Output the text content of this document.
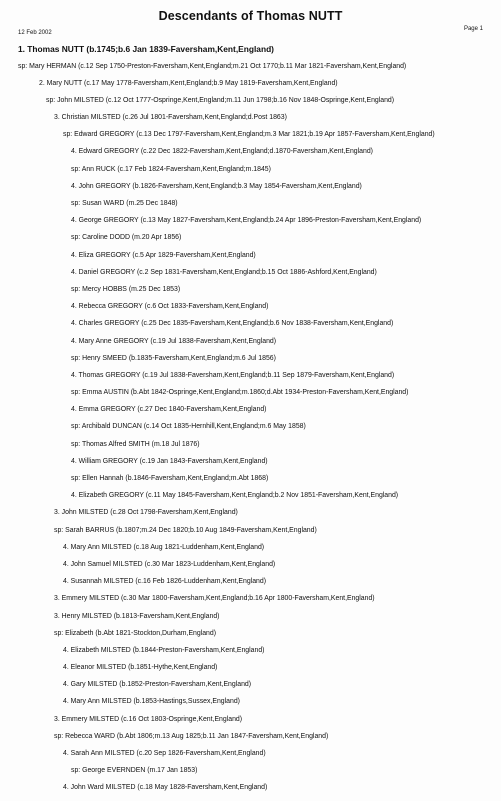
Descendants of Thomas NUTT
12 Feb 2002
Page 1
1. Thomas NUTT (b.1745;b.6 Jan 1839-Faversham,Kent,England)
sp: Mary HERMAN (c.12 Sep 1750-Preston-Faversham,Kent,England;m.21 Oct 1770;b.11 Mar 1821-Faversham,Kent,England)
2. Mary NUTT (c.17 May 1778-Faversham,Kent,England;b.9 May 1819-Faversham,Kent,England)
sp: John MILSTED (c.12 Oct 1777-Ospringe,Kent,England;m.11 Jun 1798;b.16 Nov 1848-Ospringe,Kent,England)
3. Christian MILSTED (c.26 Jul 1801-Faversham,Kent,England;d.Post 1863)
sp: Edward GREGORY (c.13 Dec 1797-Faversham,Kent,England;m.3 Mar 1821;b.19 Apr 1857-Faversham,Kent,England)
4. Edward GREGORY (c.22 Dec 1822-Faversham,Kent,England;d.1870-Faversham,Kent,England)
sp: Ann RUCK (c.17 Feb 1824-Faversham,Kent,England;m.1845)
4. John GREGORY (b.1826-Faversham,Kent,England;b.3 May 1854-Faversham,Kent,England)
sp: Susan WARD (m.25 Dec 1848)
4. George GREGORY (c.13 May 1827-Faversham,Kent,England;b.24 Apr 1896-Preston-Faversham,Kent,England)
sp: Caroline DODD (m.20 Apr 1856)
4. Eliza GREGORY (c.5 Apr 1829-Faversham,Kent,England)
4. Daniel GREGORY (c.2 Sep 1831-Faversham,Kent,England;b.15 Oct 1886-Ashford,Kent,England)
sp: Mercy HOBBS (m.25 Dec 1853)
4. Rebecca GREGORY (c.6 Oct 1833-Faversham,Kent,England)
4. Charles GREGORY (c.25 Dec 1835-Faversham,Kent,England;b.6 Nov 1838-Faversham,Kent,England)
4. Mary Anne GREGORY (c.19 Jul 1838-Faversham,Kent,England)
sp: Henry SMEED (b.1835-Faversham,Kent,England;m.6 Jul 1856)
4. Thomas GREGORY (c.19 Jul 1838-Faversham,Kent,England;b.11 Sep 1879-Faversham,Kent,England)
sp: Emma AUSTIN (b.Abt 1842-Ospringe,Kent,England;m.1860;d.Abt 1934-Preston-Faversham,Kent,England)
4. Emma GREGORY (c.27 Dec 1840-Faversham,Kent,England)
sp: Archibald DUNCAN (c.14 Oct 1835-Hernhill,Kent,England;m.6 May 1858)
sp: Thomas Alfred SMITH (m.18 Jul 1876)
4. William GREGORY (c.19 Jan 1843-Faversham,Kent,England)
sp: Ellen Hannah (b.1846-Faversham,Kent,England;m.Abt 1868)
4. Elizabeth GREGORY (c.11 May 1845-Faversham,Kent,England;b.2 Nov 1851-Faversham,Kent,England)
3. John MILSTED (c.28 Oct 1798-Faversham,Kent,England)
sp: Sarah BARRUS (b.1807;m.24 Dec 1820;b.10 Aug 1849-Faversham,Kent,England)
4. Mary Ann MILSTED (c.18 Aug 1821-Luddenham,Kent,England)
4. John Samuel MILSTED (c.30 Mar 1823-Luddenham,Kent,England)
4. Susannah MILSTED (c.16 Feb 1826-Luddenham,Kent,England)
3. Emmery MILSTED (c.30 Mar 1800-Faversham,Kent,England;b.16 Apr 1800-Faversham,Kent,England)
3. Henry MILSTED (b.1813-Faversham,Kent,England)
sp: Elizabeth (b.Abt 1821-Stockton,Durham,England)
4. Elizabeth MILSTED (b.1844-Preston-Faversham,Kent,England)
4. Eleanor MILSTED (b.1851-Hythe,Kent,England)
4. Gary MILSTED (b.1852-Preston-Faversham,Kent,England)
4. Mary Ann MILSTED (b.1853-Hastings,Sussex,England)
3. Emmery MILSTED (c.16 Oct 1803-Ospringe,Kent,England)
sp: Rebecca WARD (b.Abt 1806;m.13 Aug 1825;b.11 Jan 1847-Faversham,Kent,England)
4. Sarah Ann MILSTED (c.20 Sep 1826-Faversham,Kent,England)
sp: George EVERNDEN (m.17 Jan 1853)
4. John Ward MILSTED (c.18 May 1828-Faversham,Kent,England)
